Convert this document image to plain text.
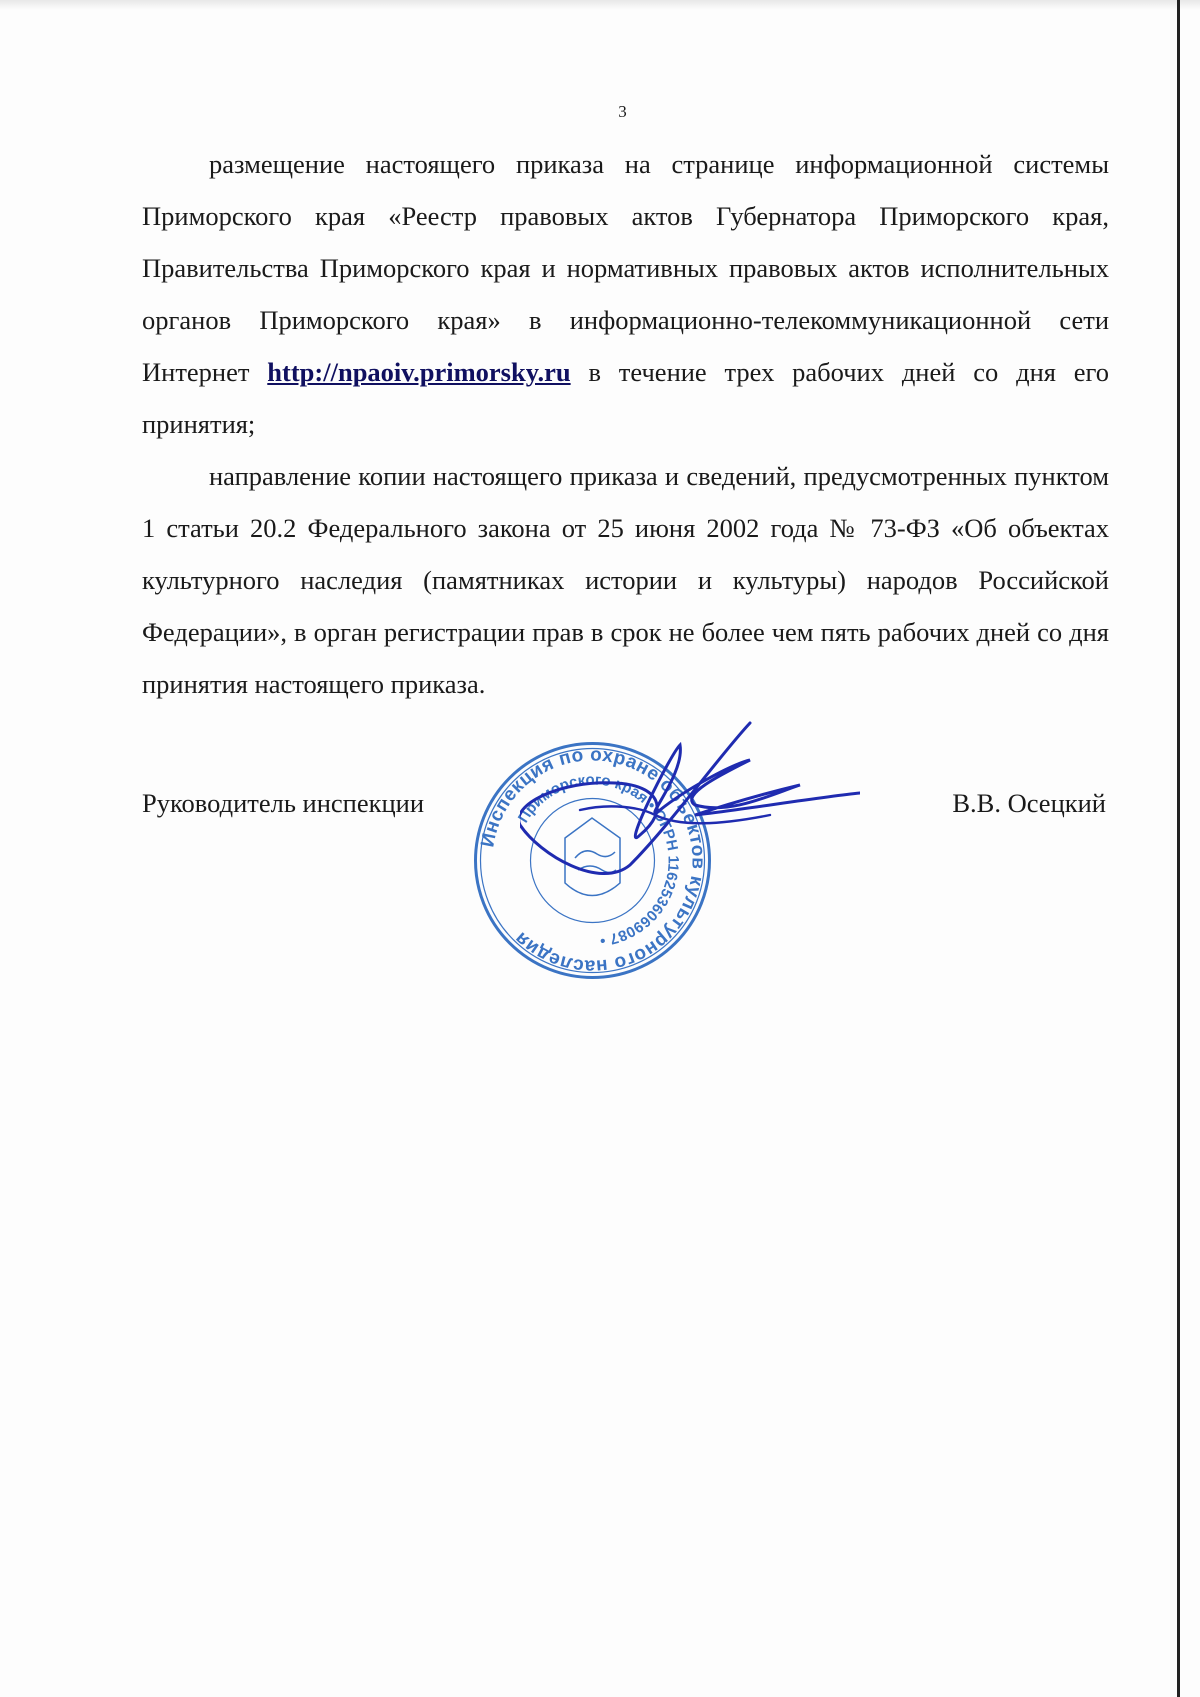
3

размещение настоящего приказа на странице информационной системы Приморского края «Реестр правовых актов Губернатора Приморского края, Правительства Приморского края и нормативных правовых актов исполнительных органов Приморского края» в информационно-телекоммуникационной сети Интернет http://npaoiv.primorsky.ru в течение трех рабочих дней со дня его принятия;

направление копии настоящего приказа и сведений, предусмотренных пунктом 1 статьи 20.2 Федерального закона от 25 июня 2002 года № 73-ФЗ «Об объектах культурного наследия (памятниках истории и культуры) народов Российской Федерации», в орган регистрации прав в срок не более чем пять рабочих дней со дня принятия настоящего приказа.

Руководитель инспекции	В.В. Осецкий
Инспекция по охране объектов культурного наследия
Приморского края • ОГРН 1162536069087 •
